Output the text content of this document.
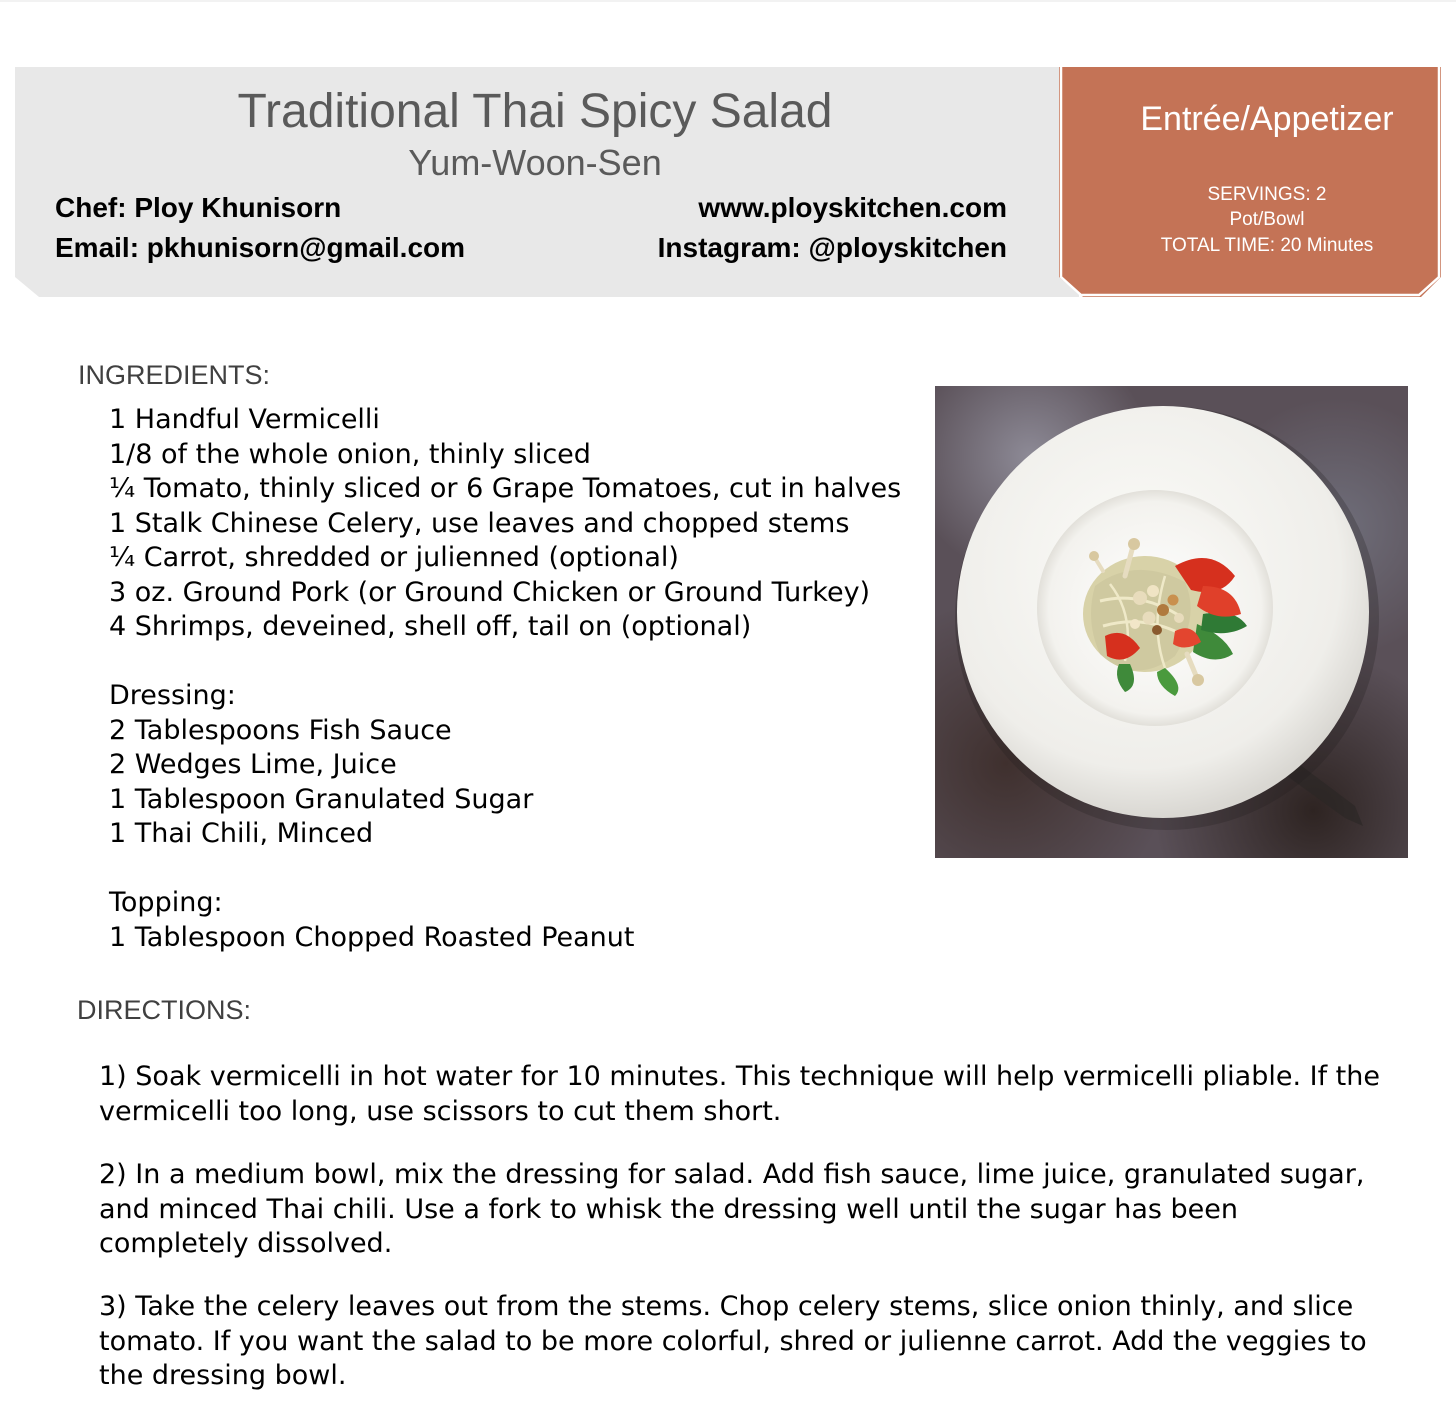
Traditional Thai Spicy Salad
Yum-Woon-Sen
Chef: Ploy Khunisorn
Email: pkhunisorn@gmail.com
www.ployskitchen.com
Instagram: @ployskitchen
Entrée/Appetizer
SERVINGS: 2
Pot/Bowl
TOTAL TIME: 20 Minutes
INGREDIENTS:
1 Handful Vermicelli
1/8 of the whole onion, thinly sliced
¼ Tomato, thinly sliced or 6 Grape Tomatoes, cut in halves
1 Stalk Chinese Celery, use leaves and chopped stems
¼ Carrot, shredded or julienned (optional)
3 oz. Ground Pork (or Ground Chicken or Ground Turkey)
4 Shrimps, deveined, shell off, tail on (optional)
Dressing:
2 Tablespoons Fish Sauce
2 Wedges Lime, Juice
1 Tablespoon Granulated Sugar
1 Thai Chili, Minced
Topping:
1 Tablespoon Chopped Roasted Peanut
DIRECTIONS:

1) Soak vermicelli in hot water for 10 minutes. This technique will help vermicelli pliable. If the vermicelli too long, use scissors to cut them short.

2) In a medium bowl, mix the dressing for salad. Add fish sauce, lime juice, granulated sugar, and minced Thai chili. Use a fork to whisk the dressing well until the sugar has been completely dissolved.

3) Take the celery leaves out from the stems. Chop celery stems, slice onion thinly, and slice tomato. If you want the salad to be more colorful, shred or julienne carrot. Add the veggies to the dressing bowl.
